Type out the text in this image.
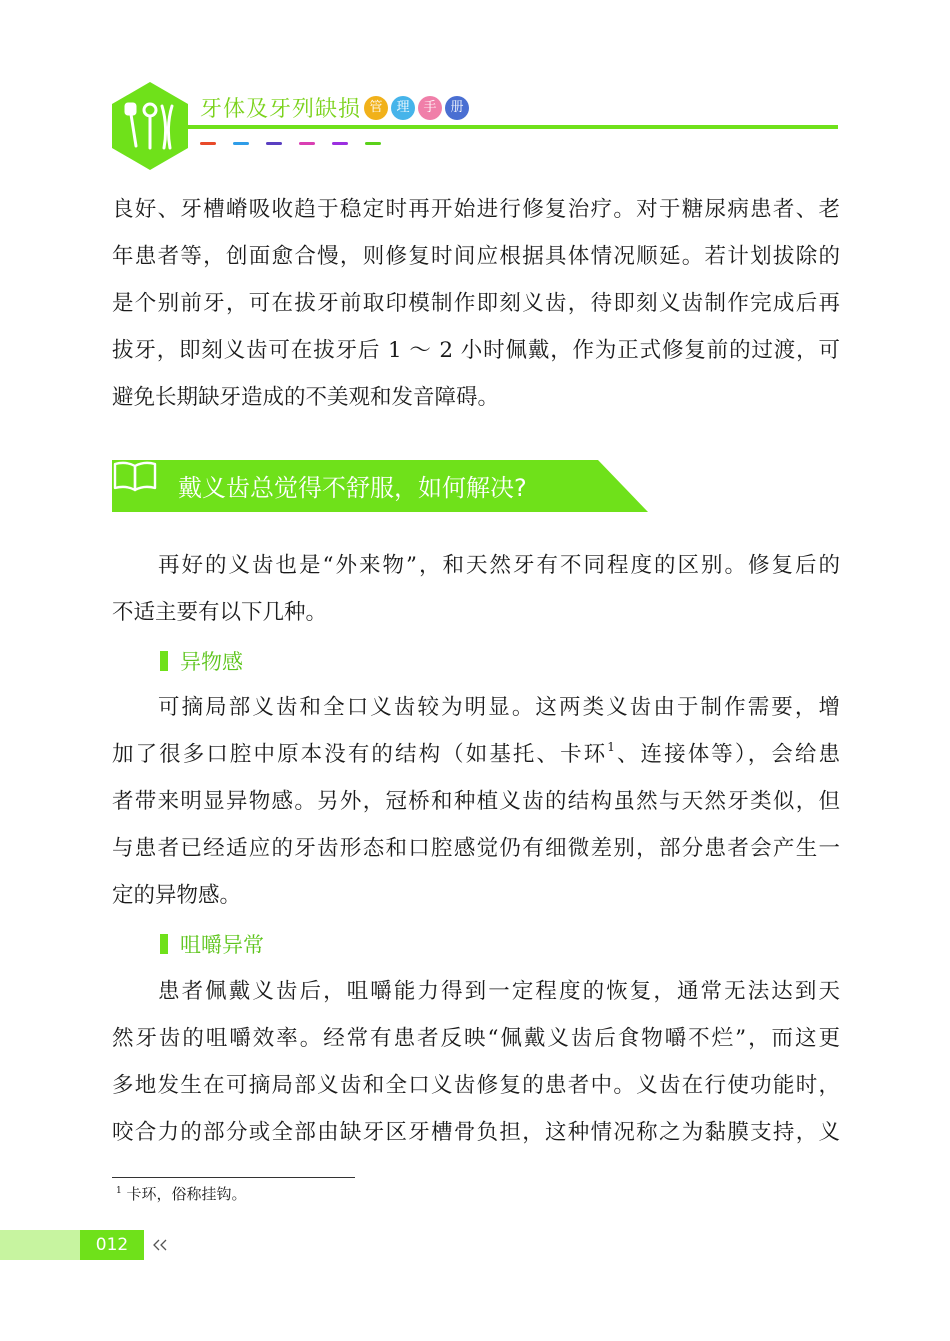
牙体及牙列缺损 管	理	手	册
良好、牙槽嵴吸收趋于稳定时再开始进行修复治疗。对于糖尿病患者、老
年患者等，创面愈合慢，则修复时间应根据具体情况顺延。若计划拔除的
是个别前牙，可在拔牙前取印模制作即刻义齿，待即刻义齿制作完成后再
拔牙，即刻义齿可在拔牙后 1 ～ 2 小时佩戴，作为正式修复前的过渡，可
避免长期缺牙造成的不美观和发音障碍。
戴义齿总觉得不舒服，如何解决?
再好的义齿也是“外来物”，和天然牙有不同程度的区别。修复后的
不适主要有以下几种。
异物感
可摘局部义齿和全口义齿较为明显。这两类义齿由于制作需要，增
加了很多口腔中原本没有的结构（如基托、卡环$^1$、连接体等），会给患
者带来明显异物感。另外，冠桥和种植义齿的结构虽然与天然牙类似，但
与患者已经适应的牙齿形态和口腔感觉仍有细微差别，部分患者会产生一
定的异物感。
咀嚼异常
患者佩戴义齿后，咀嚼能力得到一定程度的恢复，通常无法达到天
然牙齿的咀嚼效率。经常有患者反映“佩戴义齿后食物嚼不烂”，而这更
多地发生在可摘局部义齿和全口义齿修复的患者中。义齿在行使功能时，
咬合力的部分或全部由缺牙区牙槽骨负担，这种情况称之为黏膜支持，义
$^1$ 卡环，俗称挂钩。
012
